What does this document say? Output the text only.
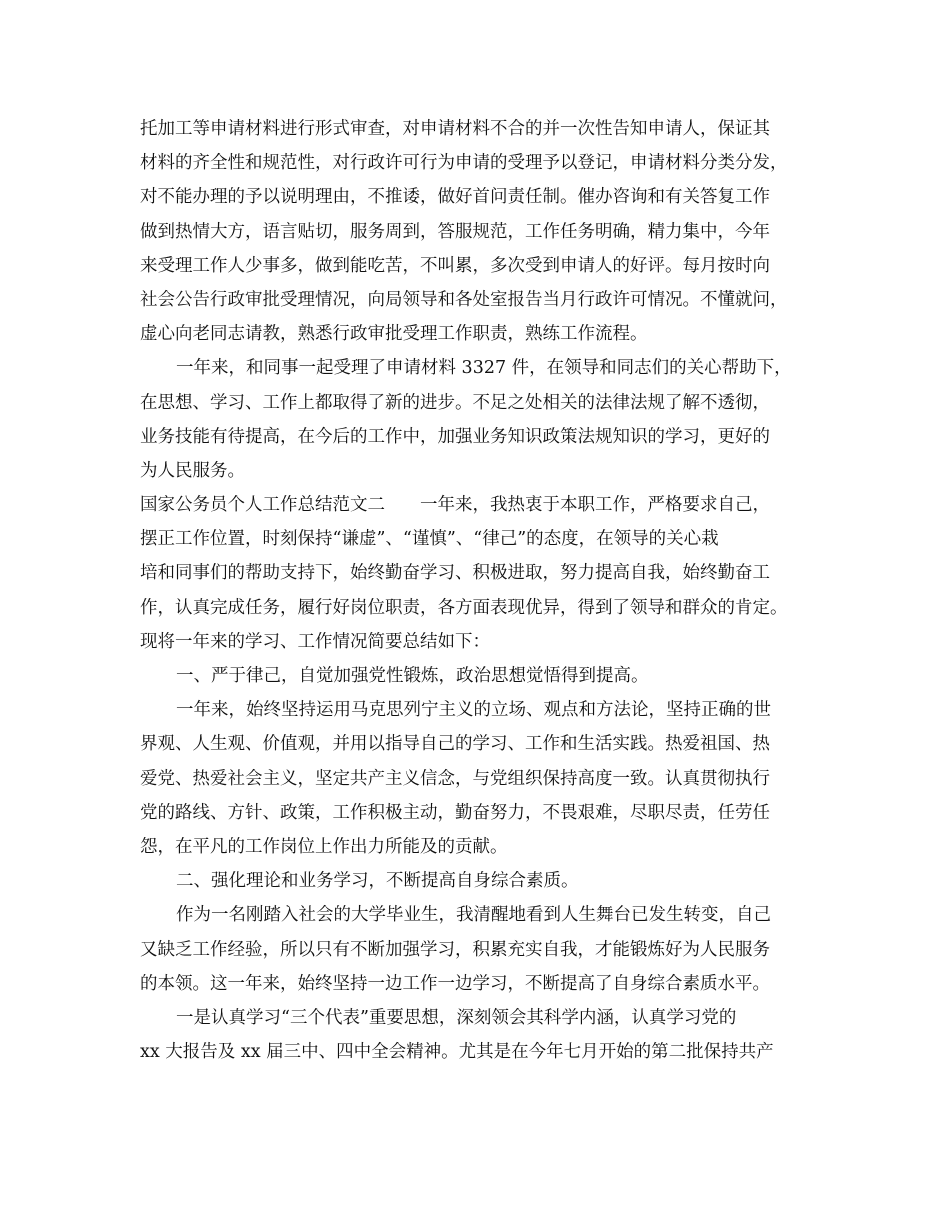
托加工等申请材料进行形式审查，对申请材料不合的并一次性告知申请人，保证其
材料的齐全性和规范性，对行政许可行为申请的受理予以登记，申请材料分类分发，
对不能办理的予以说明理由，不推诿，做好首问责任制。催办咨询和有关答复工作
做到热情大方，语言贴切，服务周到，答服规范，工作任务明确，精力集中，今年
来受理工作人少事多，做到能吃苦，不叫累，多次受到申请人的好评。每月按时向
社会公告行政审批受理情况，向局领导和各处室报告当月行政许可情况。不懂就问，
虚心向老同志请教，熟悉行政审批受理工作职责，熟练工作流程。
一年来，和同事一起受理了申请材料 3327 件，在领导和同志们的关心帮助下，
在思想、学习、工作上都取得了新的进步。不足之处相关的法律法规了解不透彻，
业务技能有待提高，在今后的工作中，加强业务知识政策法规知识的学习，更好的
为人民服务。
国家公务员个人工作总结范文二　　一年来，我热衷于本职工作，严格要求自己，
摆正工作位置，时刻保持“谦虚”、“谨慎”、“律己”的态度，在领导的关心栽
培和同事们的帮助支持下，始终勤奋学习、积极进取，努力提高自我，始终勤奋工
作，认真完成任务，履行好岗位职责，各方面表现优异，得到了领导和群众的肯定。
现将一年来的学习、工作情况简要总结如下：
一、严于律己，自觉加强党性锻炼，政治思想觉悟得到提高。
一年来，始终坚持运用马克思列宁主义的立场、观点和方法论，坚持正确的世
界观、人生观、价值观，并用以指导自己的学习、工作和生活实践。热爱祖国、热
爱党、热爱社会主义，坚定共产主义信念，与党组织保持高度一致。认真贯彻执行
党的路线、方针、政策，工作积极主动，勤奋努力，不畏艰难，尽职尽责，任劳任
怨，在平凡的工作岗位上作出力所能及的贡献。
二、强化理论和业务学习，不断提高自身综合素质。
作为一名刚踏入社会的大学毕业生，我清醒地看到人生舞台已发生转变，自己
又缺乏工作经验，所以只有不断加强学习，积累充实自我，才能锻炼好为人民服务
的本领。这一年来，始终坚持一边工作一边学习，不断提高了自身综合素质水平。
一是认真学习“三个代表”重要思想，深刻领会其科学内涵，认真学习党的
xx 大报告及 xx 届三中、四中全会精神。尤其是在今年七月开始的第二批保持共产
